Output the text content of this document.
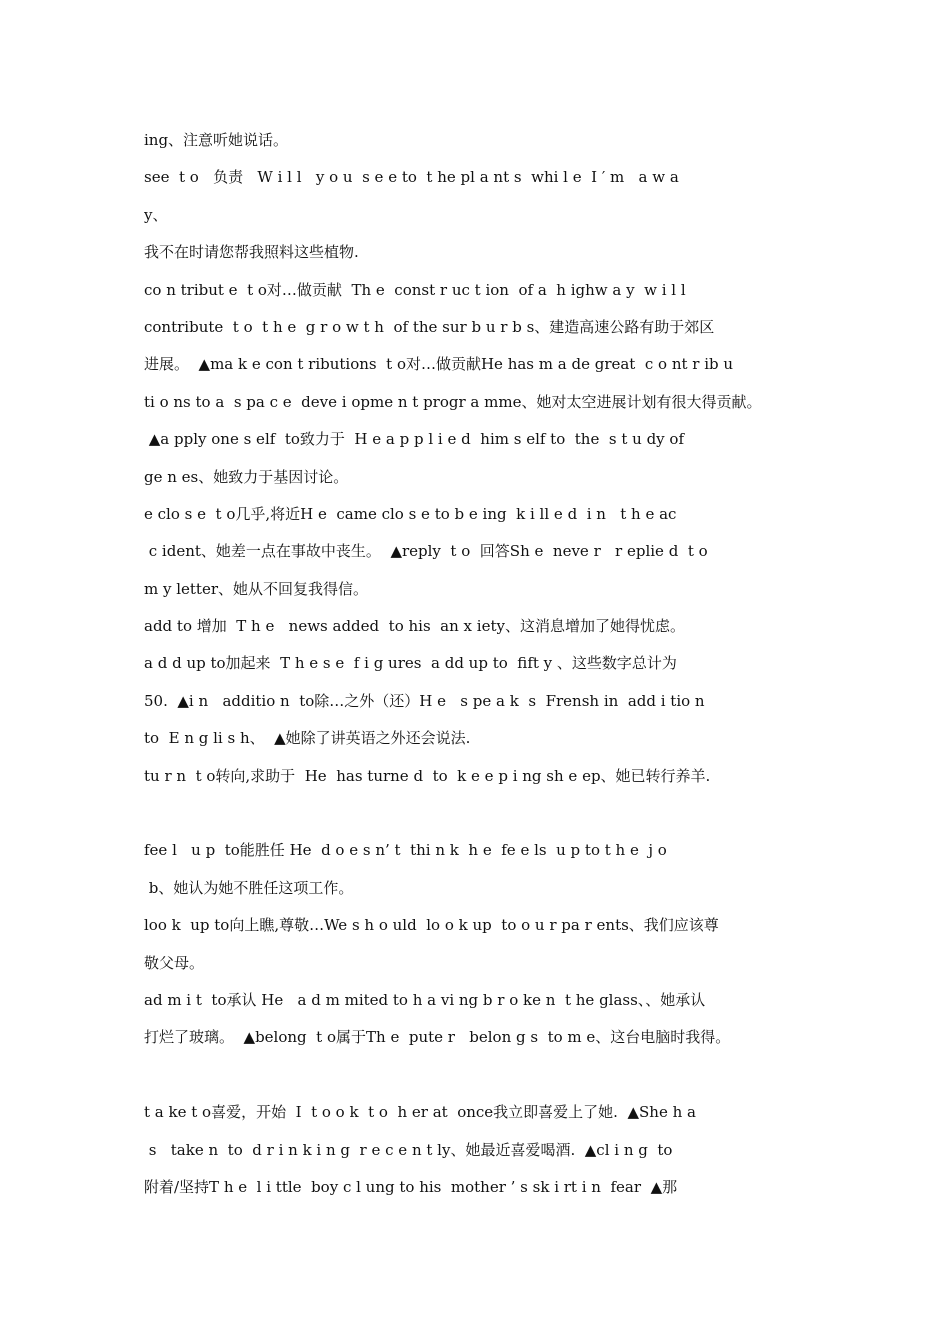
ing、注意听她说话。
see  t o   负责   W i l l   y o u  s e e to  t he pl a nt s  whi l e  I ′ m   a w a
y、
我不在时请您帮我照料这些植物.
co n tribut e  t o对…做贡献  Th e  const r uc t ion  of a  h ighw a y  w i l l
contribute  t o  t h e  g r o w t h  of the sur b u r b s、建造高速公路有助于郊区
进展。  ▲ma k e con t ributions  t o对…做贡献He has m a de great  c o nt r ib u
ti o ns to a  s pa c e  deve i opme n t progr a mme、她对太空进展计划有很大得贡献。
▲a pply one s elf  to致力于  H e a p p l i e d  him s elf to  the  s t u dy of
ge n es、她致力于基因讨论。
e clo s e  t o几乎,将近H e  came clo s e to b e ing  k i ll e d  i n   t h e ac
c ident、她差一点在事故中丧生。  ▲reply  t o  回答Sh e  neve r   r eplie d  t o
m y letter、她从不回复我得信。
add to 增加  T h e   news added  to his  an x iety、这消息增加了她得忧虑。
a d d up to加起来  T h e s e  f i g ures  a dd up to  fift y 、这些数字总计为
50.  ▲i n   additio n  to除…之外（还）H e   s pe a k  s  Frensh in  add i tio n
to  E n g li s h、  ▲她除了讲英语之外还会说法.
tu r n  t o转向,求助于  He  has turne d  to  k e e p i ng sh e ep、她已转行养羊.
fee l   u p  to能胜任 He  d o e s n’ t  thi n k  h e  fe e ls  u p to t h e  j o
b、她认为她不胜任这项工作。
loo k  up to向上瞧,尊敬…We s h o uld  lo o k up  to o u r pa r ents、我们应该尊
敬父母。
ad m i t  to承认 He   a d m mited to h a vi ng b r o ke n  t he glass、、她承认
打烂了玻璃。  ▲belong  t o属于Th e  pute r   belon g s  to m e、这台电脑时我得。
t a ke t o喜爱，开始  I  t o o k  t o  h er at  once我立即喜爱上了她.  ▲She h a
s   take n  to  d r i n k i n g  r e c e n t ly、她最近喜爱喝酒.  ▲cl i n g  to
附着/坚持T h e  l i ttle  boy c l ung to his  mother ’ s sk i rt i n  fear  ▲那
